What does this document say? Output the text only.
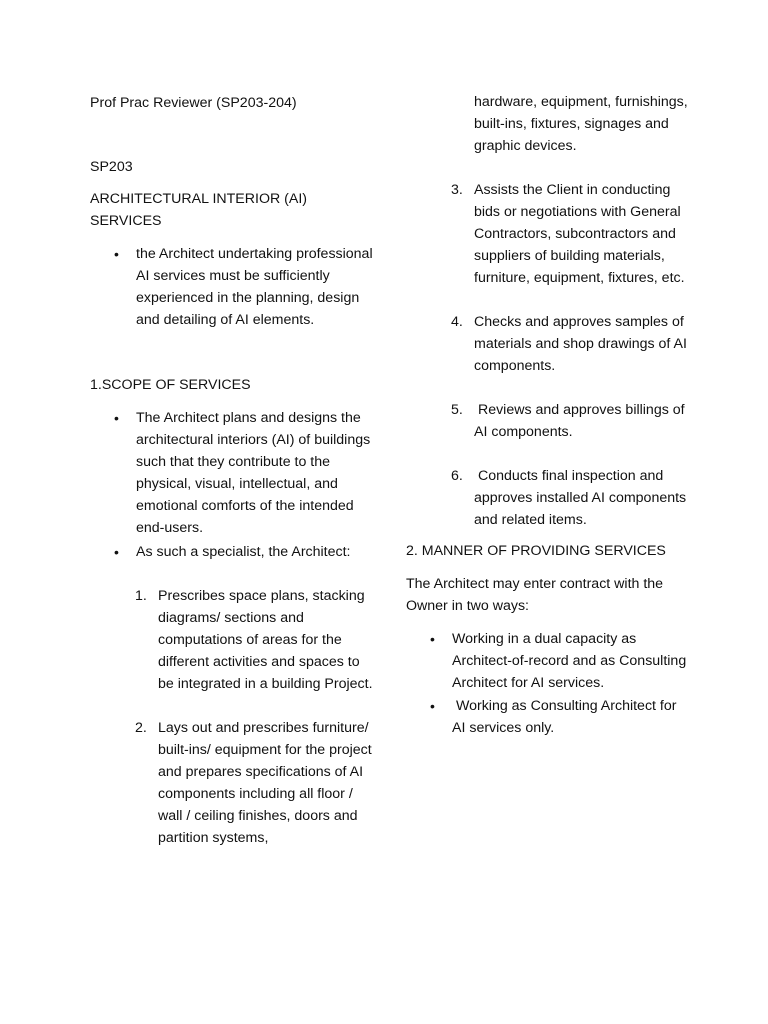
Prof Prac Reviewer (SP203-204)

SP203

ARCHITECTURAL INTERIOR (AI)

SERVICES

• the Architect undertaking professional AI services must be sufficiently experienced in the planning, design and detailing of AI elements.

1.SCOPE OF SERVICES

• The Architect plans and designs the architectural interiors (AI) of buildings such that they contribute to the physical, visual, intellectual, and emotional comforts of the intended end-users.
• As such a specialist, the Architect:
1. Prescribes space plans, stacking diagrams/ sections and computations of areas for the different activities and spaces to be integrated in a building Project.
2. Lays out and prescribes furniture/ built-ins/ equipment for the project and prepares specifications of AI components including all floor / wall / ceiling finishes, doors and partition systems,

hardware, equipment, furnishings, built-ins, fixtures, signages and graphic devices.

3. Assists the Client in conducting bids or negotiations with General Contractors, subcontractors and suppliers of building materials, furniture, equipment, fixtures, etc.
4. Checks and approves samples of materials and shop drawings of AI components.
5. Reviews and approves billings of AI components.
6. Conducts final inspection and approves installed AI components and related items.

2. MANNER OF PROVIDING SERVICES

The Architect may enter contract with the Owner in two ways:

• Working in a dual capacity as Architect-of-record and as Consulting Architect for AI services.
• Working as Consulting Architect for AI services only.
